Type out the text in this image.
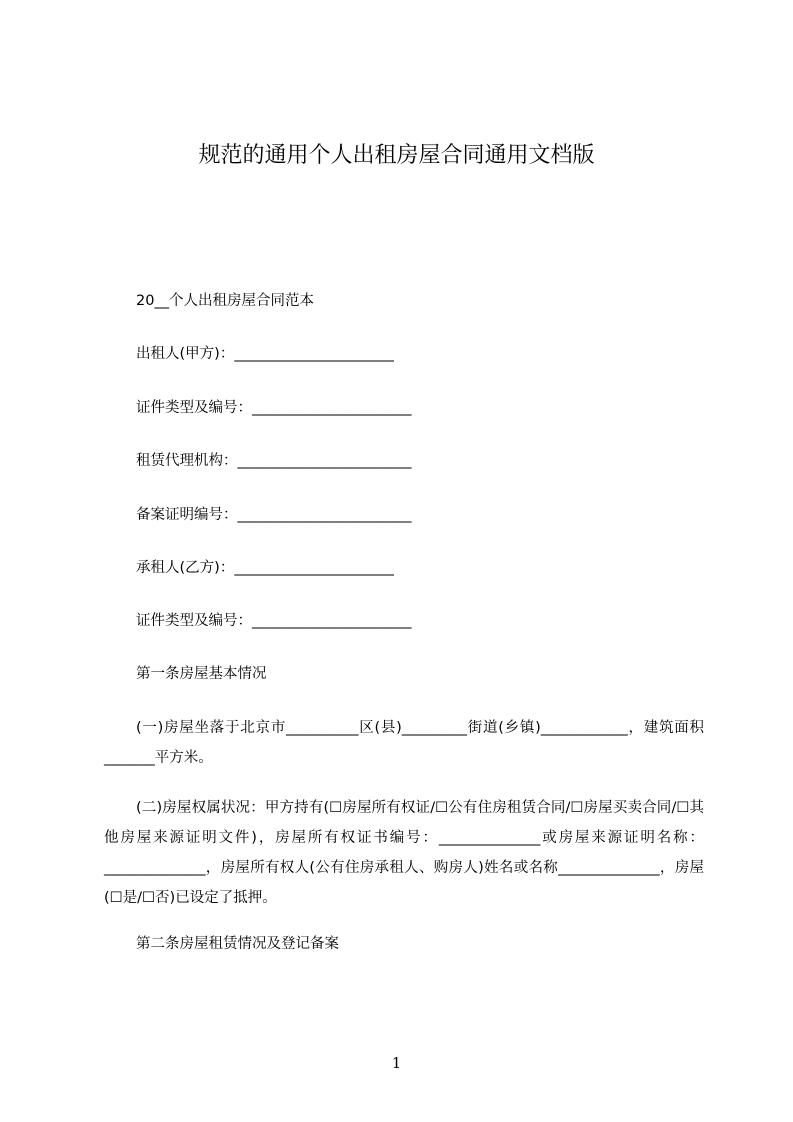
规范的通用个人出租房屋合同通用文档版
20__个人出租房屋合同范本
出租人(甲方)：______________________
证件类型及编号：______________________
租赁代理机构：________________________
备案证明编号：________________________
承租人(乙方)：______________________
证件类型及编号：______________________
第一条房屋基本情况
(一)房屋坐落于北京市__________区(县)_________街道(乡镇)____________，建筑面积_______平方米。
(二)房屋权属状况：甲方持有(☐房屋所有权证/☐公有住房租赁合同/☐房屋买卖合同/☐其他房屋来源证明文件)，房屋所有权证书编号：______________或房屋来源证明名称：______________，房屋所有权人(公有住房承租人、购房人)姓名或名称______________，房屋(☐是/☐否)已设定了抵押。
第二条房屋租赁情况及登记备案
1
